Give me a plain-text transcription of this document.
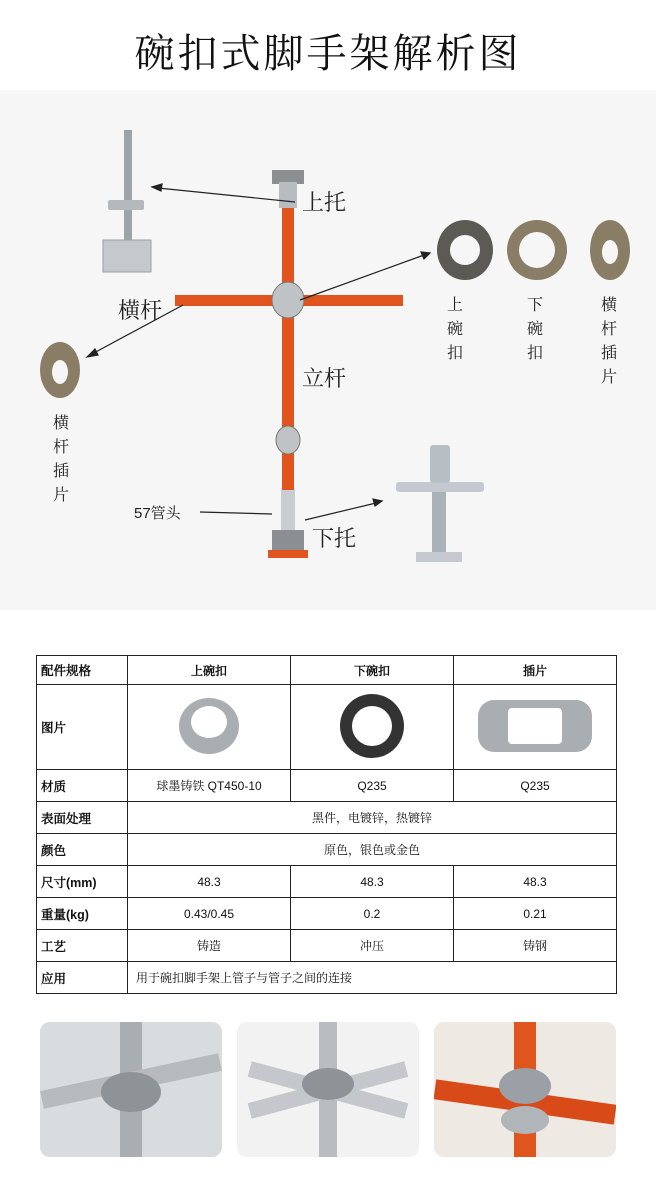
碗扣式脚手架解析图
上托
横杆
立杆
下托
57管头
上碗扣
下碗扣
横杆插片
横杆插片
配件规格	上碗扣	下碗扣	插片
图片			
材质	球墨铸铁 QT450-10	Q235	Q235
表面处理	黑件，电镀锌，热镀锌		
颜色	原色，银色或金色		
尺寸(mm)	48.3	48.3	48.3
重量(kg)	0.43/0.45	0.2	0.21
工艺	铸造	冲压	铸钢
应用	用于碗扣脚手架上管子与管子之间的连接		
